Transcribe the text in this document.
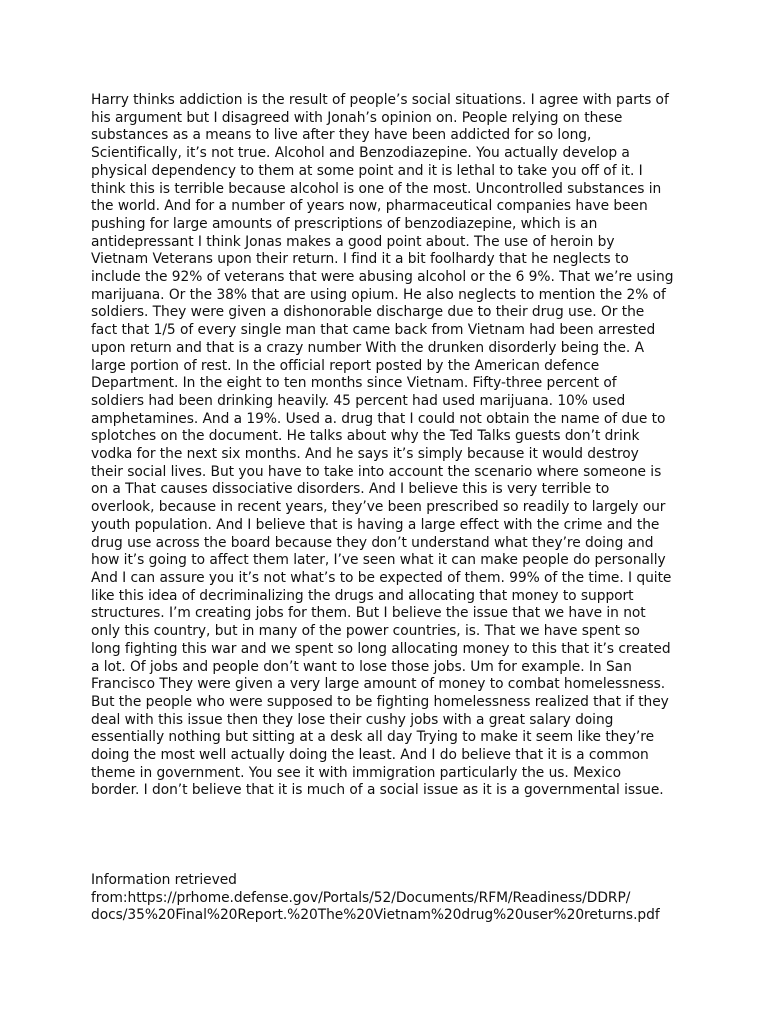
Harry thinks addiction is the result of people’s social situations. I agree with parts of
his argument but I disagreed with Jonah’s opinion on. People relying on these
substances as a means to live after they have been addicted for so long,
Scientifically, it’s not true. Alcohol and Benzodiazepine. You actually develop a
physical dependency to them at some point and it is lethal to take you off of it. I
think this is terrible because alcohol is one of the most. Uncontrolled substances in
the world. And for a number of years now, pharmaceutical companies have been
pushing for large amounts of prescriptions of benzodiazepine, which is an
antidepressant I think Jonas makes a good point about. The use of heroin by
Vietnam Veterans upon their return. I find it a bit foolhardy that he neglects to
include the 92% of veterans that were abusing alcohol or the 6 9%. That we’re using
marijuana. Or the 38% that are using opium. He also neglects to mention the 2% of
soldiers. They were given a dishonorable discharge due to their drug use. Or the
fact that 1/5 of every single man that came back from Vietnam had been arrested
upon return and that is a crazy number With the drunken disorderly being the. A
large portion of rest. In the official report posted by the American defence
Department. In the eight to ten months since Vietnam. Fifty-three percent of
soldiers had been drinking heavily. 45 percent had used marijuana. 10% used
amphetamines. And a 19%. Used a. drug that I could not obtain the name of due to
splotches on the document. He talks about why the Ted Talks guests don’t drink
vodka for the next six months. And he says it’s simply because it would destroy
their social lives. But you have to take into account the scenario where someone is
on a That causes dissociative disorders. And I believe this is very terrible to
overlook, because in recent years, they’ve been prescribed so readily to largely our
youth population. And I believe that is having a large effect with the crime and the
drug use across the board because they don’t understand what they’re doing and
how it’s going to affect them later, I’ve seen what it can make people do personally
And I can assure you it’s not what’s to be expected of them. 99% of the time. I quite
like this idea of decriminalizing the drugs and allocating that money to support
structures. I’m creating jobs for them. But I believe the issue that we have in not
only this country, but in many of the power countries, is. That we have spent so
long fighting this war and we spent so long allocating money to this that it’s created
a lot. Of jobs and people don’t want to lose those jobs. Um for example. In San
Francisco They were given a very large amount of money to combat homelessness.
But the people who were supposed to be fighting homelessness realized that if they
deal with this issue then they lose their cushy jobs with a great salary doing
essentially nothing but sitting at a desk all day Trying to make it seem like they’re
doing the most well actually doing the least. And I do believe that it is a common
theme in government. You see it with immigration particularly the us. Mexico
border. I don’t believe that it is much of a social issue as it is a governmental issue.

Information retrieved
from:https://prhome.defense.gov/Portals/52/Documents/RFM/Readiness/DDRP/
docs/35%20Final%20Report.%20The%20Vietnam%20drug%20user%20returns.pdf
